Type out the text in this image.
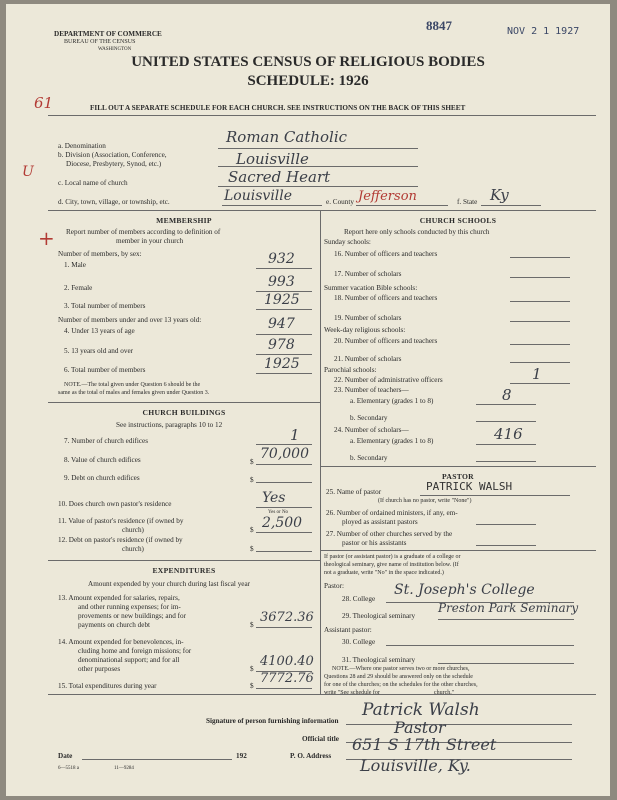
DEPARTMENT OF COMMERCE
BUREAU OF THE CENSUS
WASHINGTON
8847	NOV 2 1 1927
UNITED STATES CENSUS OF RELIGIOUS BODIES
SCHEDULE: 1926
FILL OUT A SEPARATE SCHEDULE FOR EACH CHURCH. SEE INSTRUCTIONS ON THE BACK OF THIS SHEET
61
U
+
a. Denomination	Roman Catholic
b. Division (Association, Conference,
Diocese, Presbytery, Synod, etc.)	Louisville
c. Local name of church	Sacred Heart
d. City, town, village, or township, etc.	Louisville	e. County Jefferson	f. State Ky
MEMBERSHIP
Report number of members according to definition of
member in your church
Number of members, by sex:
1. Male	932
2. Female	993
3. Total number of members	1925
Number of members under and over 13 years old:
4. Under 13 years of age	947
5. 13 years old and over	978
6. Total number of members	1925
NOTE.—The total given under Question 6 should be the
same as the total of males and females given under Question 3.
CHURCH BUILDINGS
See instructions, paragraphs 10 to 12
7. Number of church edifices	1
8. Value of church edifices	$ 70,000
9. Debt on church edifices	$
10. Does church own pastor's residence	Yes
Yes or No
11. Value of pastor's residence (if owned by
church)	$ 2,500
12. Debt on pastor's residence (if owned by
church)	$
EXPENDITURES
Amount expended by your church during last fiscal year
13. Amount expended for salaries, repairs,
and other running expenses; for im-
provements or new buildings; and for
payments on church debt	$ 3672.36
14. Amount expended for benevolences, in-
cluding home and foreign missions; for
denominational support; and for all
other purposes	$ 4100.40
15. Total expenditures during year	$ 7772.76
CHURCH SCHOOLS
Report here only schools conducted by this church
Sunday schools:
16. Number of officers and teachers
17. Number of scholars
Summer vacation Bible schools:
18. Number of officers and teachers
19. Number of scholars
Week-day religious schools:
20. Number of officers and teachers
21. Number of scholars
Parochial schools:
22. Number of administrative officers	1
23. Number of teachers—
a. Elementary (grades 1 to 8)	8
b. Secondary
24. Number of scholars—
a. Elementary (grades 1 to 8)	416
b. Secondary
PASTOR
25. Name of pastor	PATRICK WALSH
(If church has no pastor, write "None")
26. Number of ordained ministers, if any, em-
ployed as assistant pastors
27. Number of other churches served by the
pastor or his assistants
If pastor (or assistant pastor) is a graduate of a college or
theological seminary, give name of institution below. (If
not a graduate, write "No" in the space indicated.)
Pastor:
28. College
St. Joseph's College
29. Theological seminary
Preston Park Seminary
Assistant pastor:
30. College
31. Theological seminary
NOTE.—Where one pastor serves two or more churches,
Questions 28 and 29 should be answered only on the schedule
for one of the churches; on the schedules for the other churches,
write "See schedule for                                    church."
Signature of person furnishing information
Patrick Walsh
Official title
Pastor
Date	192	P. O. Address
651 S 17th Street
Louisville, Ky.
6—5518 a	11—9284
